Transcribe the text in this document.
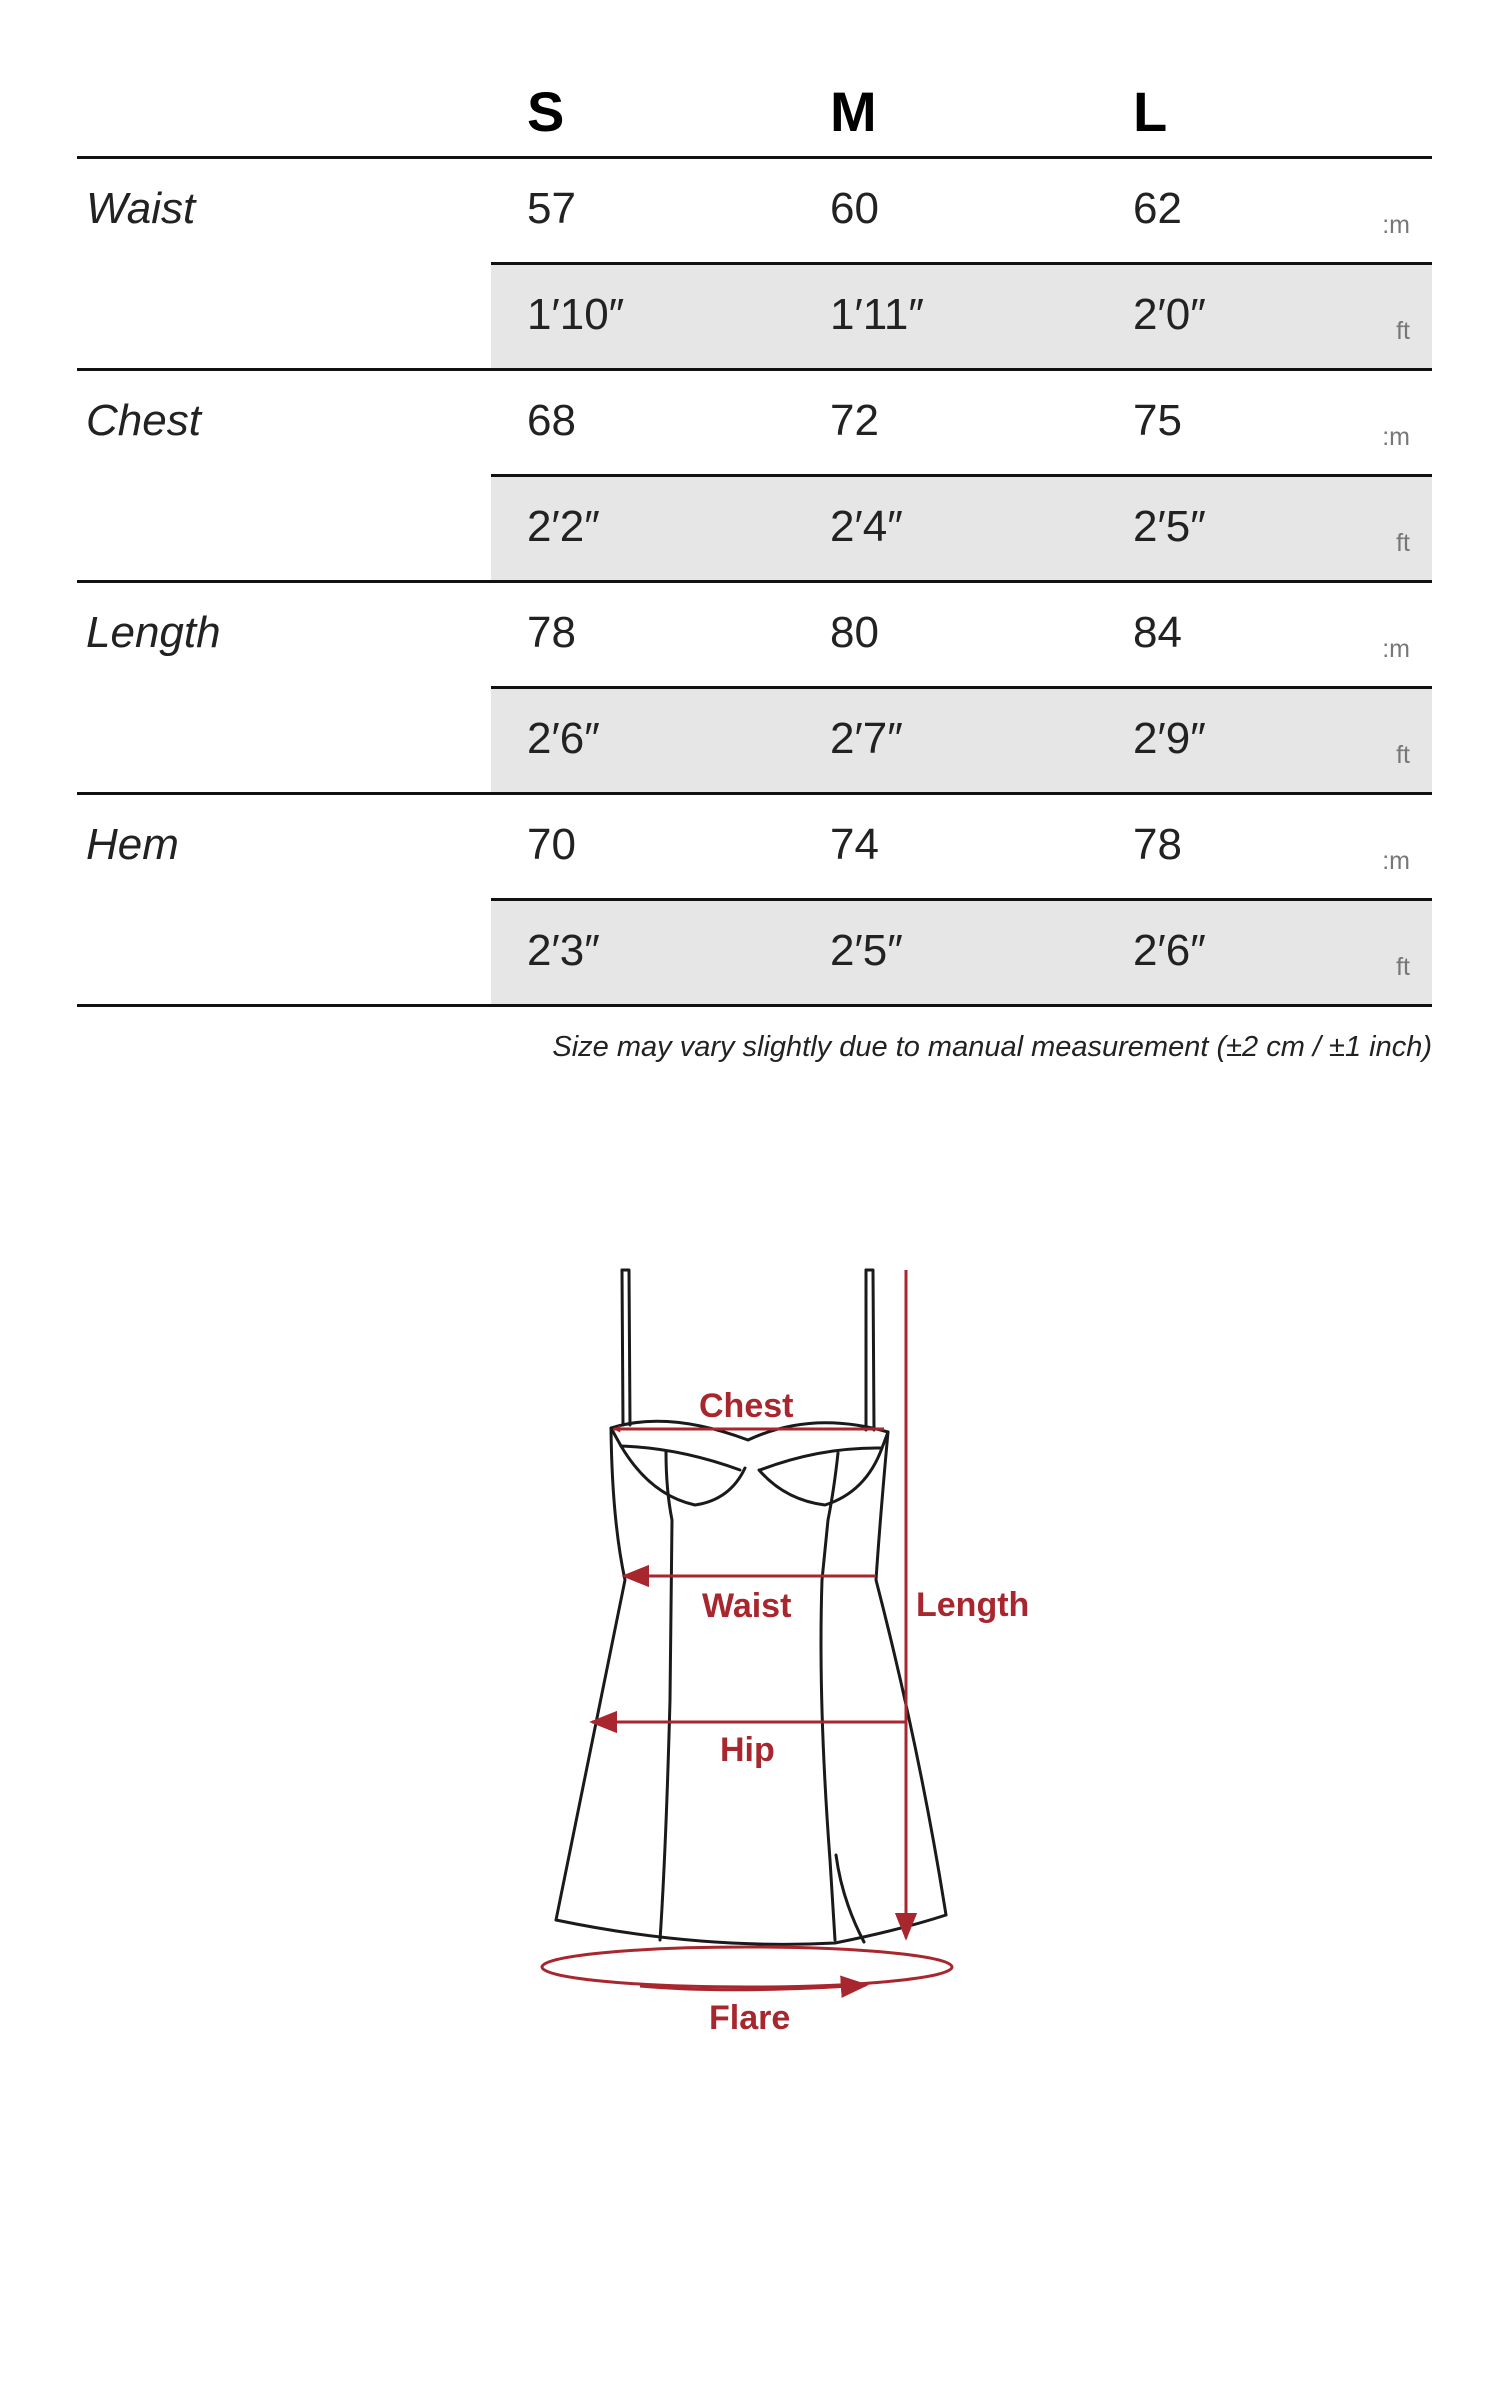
S	M	L
Waist	57	60	62	:m
1′10″	1′11″	2′0″	ft
Chest	68	72	75	:m
2′2″	2′4″	2′5″	ft
Length	78	80	84	:m
2′6″	2′7″	2′9″	ft
Hem	70	74	78	:m
2′3″	2′5″	2′6″	ft
Size may vary slightly due to manual measurement (±2 cm / ±1 inch)
Chest
Waist	Length
Hip
Flare
